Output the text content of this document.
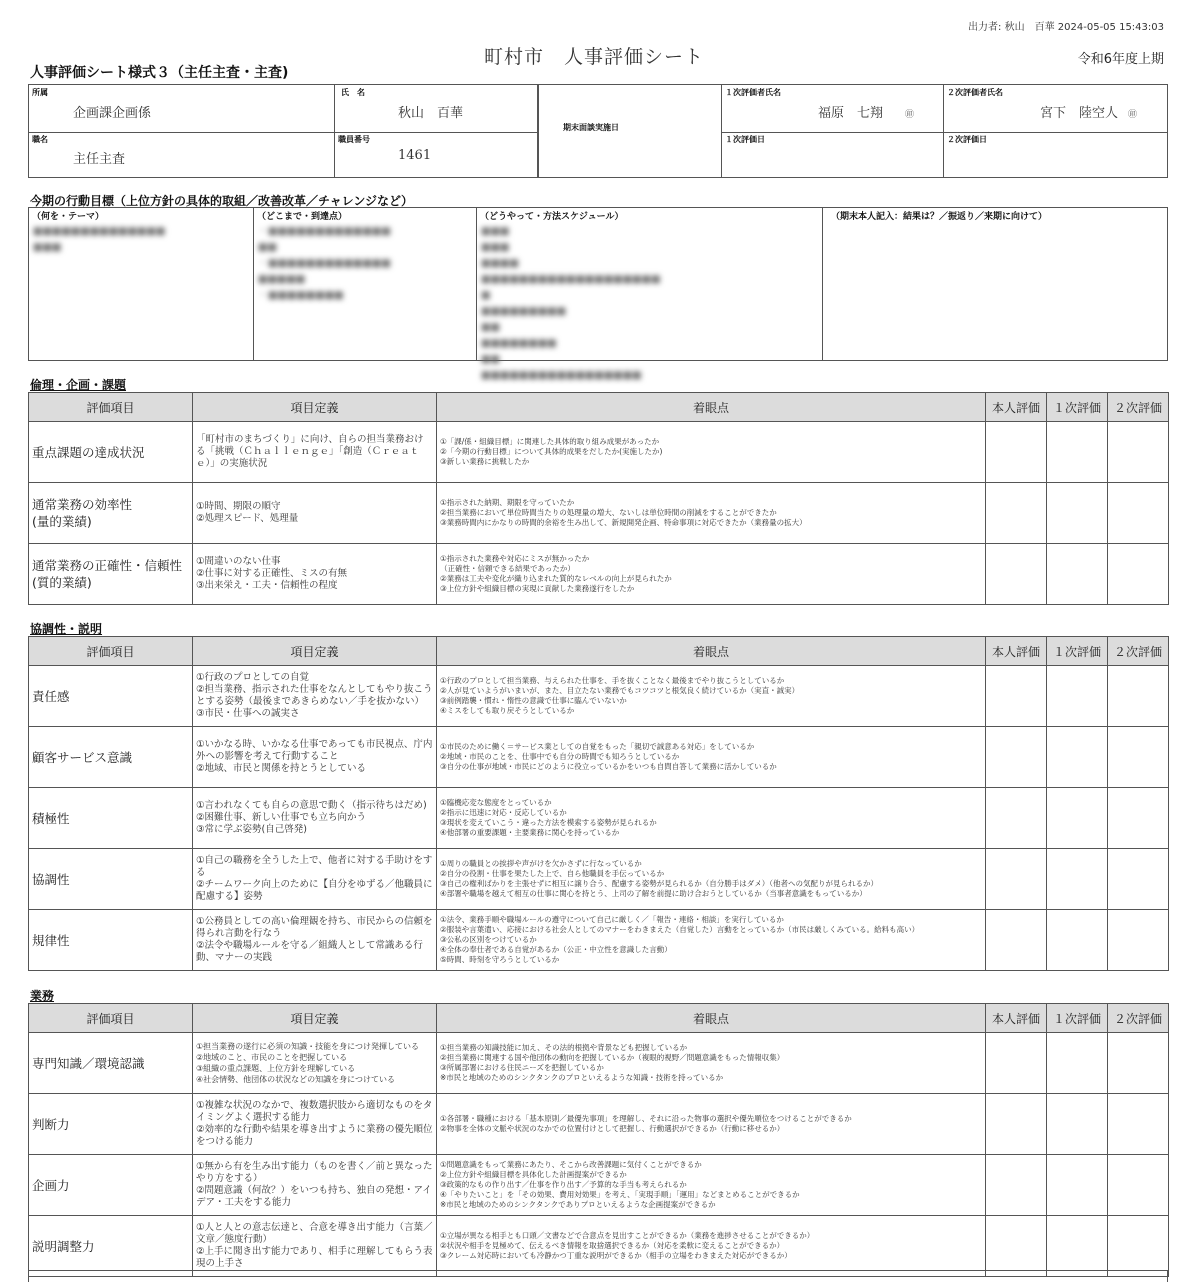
出力者: 秋山　百華 2024-05-05 15:43:03
町村市　人事評価シート	令和6年度上期
人事評価シート様式３（主任主査・主査)
所属
企画課企画係
職名
主任主査
氏　名
秋山　百華
職員番号
1461
期末面談実施日
１次評価者氏名
福原　七翔 ㊞
１次評価日
２次評価者氏名
宮下　陸空人 ㊞
２次評価日
今期の行動目標（上位方針の具体的取組／改善改革／チャレンジなど）
（何を・テーマ）
■■■■■■■■■■■■■■
■■■
（どこまで・到達点）
・■■■■■■■■■■■■■
■■
・■■■■■■■■■■■■■
■■■■■
・■■■■■■■■
（どうやって・方法スケジュール）
■■■
■■■
■■■■
■■■■■■■■■■■■■■■■■■■
■
■■■■■■■■■
■■
■■■■■■■■
■■
■■■■■■■■■■■■■■■■■
（期末本人記入：結果は？／振返り／来期に向けて）
倫理・企画・課題
評価項目	項目定義	着眼点	本人評価	１次評価	２次評価

重点課題の達成状況	「町村市のまちづくり」に向け、自らの担当業務おける「挑戦（Ｃｈａｌｌｅｎｇｅ」「創造（Ｃｒｅａｔｅ）」の実施状況	①「課/係・組織目標」に関連した具体的取り組み成果があったか
②「今期の行動目標」について具体的成果をだしたか(実施したか)
③新しい業務に挑戦したか			

通常業務の効率性
(量的業績)	①時間、期限の順守
②処理スピード、処理量	①指示された納期、期限を守っていたか
②担当業務において単位時間当たりの処理量の増大、ないしは単位時間の削減をすることができたか
③業務時間内にかなりの時間的余裕を生み出して、新規開発企画、特命事項に対応できたか（業務量の拡大）			

通常業務の正確性・信頼性
(質的業績)	①間違いのない仕事
②仕事に対する正確性、ミスの有無
③出来栄え・工夫・信頼性の程度	①指示された業務や対応にミスが無かったか
（正確性・信頼できる結果であったか）
②業務は工夫や変化が織り込まれた質的なレベルの向上が見られたか
③上位方針や組織目標の実現に貢献した業務遂行をしたか			

協調性・説明
評価項目	項目定義	着眼点	本人評価	１次評価	２次評価

責任感	①行政のプロとしての自覚
②担当業務、指示された仕事をなんとしてもやり抜こうとする姿勢（最後まであきらめない／手を抜かない）
③市民・仕事への誠実さ	①行政のプロとして担当業務、与えられた仕事を、手を抜くことなく最後までやり抜こうとしているか
②人が見ていようがいまいが、また、目立たない業務でもコツコツと根気良く続けているか（実直・誠実）
③前例踏襲・慣れ・惰性の意識で仕事に臨んでいないか
④ミスをしても取り戻そうとしているか			

顧客サービス意識	①いかなる時、いかなる仕事であっても市民視点、庁内外への影響を考えて行動すること
②地域、市民と関係を持とうとしている	①市民のために働く＝サービス業としての自覚をもった「親切で誠意ある対応」をしているか
②地域・市民のことを、仕事中でも自分の時間でも知ろうとしているか
③自分の仕事が地域・市民にどのように役立っているかをいつも自問自答して業務に活かしているか			

積極性	①言われなくても自らの意思で動く（指示待ちはだめ)
②困難仕事、新しい仕事でも立ち向かう
③常に学ぶ姿勢(自己啓発)	①臨機応変な態度をとっているか
②指示に迅速に対応・反応しているか
③現状を変えていこう・違った方法を模索する姿勢が見られるか
④他部署の重要課題・主要業務に関心を持っているか			

協調性	①自己の職務を全うした上で、他者に対する手助けをする
②チームワーク向上のために【自分をゆずる／他職員に配慮する】姿勢	①周りの職員との挨拶や声がけを欠かさずに行なっているか
②自分の役割・仕事を果たした上で、自ら他職員を手伝っているか
③自己の権利ばかりを主張せずに相互に譲り合う、配慮する姿勢が見られるか（自分勝手はダメ）（他者への気配りが見られるか）
④部署や職場を越えて相互の仕事に関心を持とう、上司の了解を前提に助け合おうとしているか（当事者意識をもっているか）			

規律性	①公務員としての高い倫理観を持ち、市民からの信頼を得られ言動を行なう
②法令や職場ルールを守る／組織人として常識ある行動、マナーの実践	①法令、業務手順や職場ルールの遵守について自己に厳しく／「報告・連絡・相談」を実行しているか
②服装や言葉遣い、応接における社会人としてのマナーをわきまえた（自覚した）言動をとっているか（市民は厳しくみている。給料も高い）
③公私の区別をつけているか
④全体の奉仕者である自覚があるか（公正・中立性を意識した言動）
⑤時間、時刻を守ろうとしているか			

業務
評価項目	項目定義	着眼点	本人評価	１次評価	２次評価

専門知識／環境認識	①担当業務の遂行に必須の知識・技能を身につけ発揮している
②地域のこと、市民のことを把握している
③組織の重点課題、上位方針を理解している
④社会情勢、他団体の状況などの知識を身につけている	①担当業務の知識技能に加え、その法的根拠や背景なども把握しているか
②担当業務に関連する国や他団体の動向を把握しているか（複眼的視野／問題意識をもった情報収集）
③所属部署における住民ニーズを把握しているか
※市民と地域のためのシンクタンクのプロといえるような知識・技術を持っているか			

判断力	①複雑な状況のなかで、複数選択肢から適切なものをタイミングよく選択する能力
②効率的な行動や結果を導き出すように業務の優先順位をつける能力	①各部署・職種における「基本原則／最優先事項」を理解し、それに沿った物事の選択や優先順位をつけることができるか
②物事を全体の文脈や状況のなかでの位置付けとして把握し、行動選択ができるか（行動に移せるか）			

企画力	①無から有を生み出す能力（ものを書く／前と異なったやり方をする）
②問題意識（何故？）をいつも持ち、独自の発想・アイデア・工夫をする能力	①問題意識をもって業務にあたり、そこから改善課題に気付くことができるか
②上位方針や組織目標を具体化した計画提案ができるか
③政策的なもの作り出す／仕事を作り出す／予算的な手当も考えられるか
④「やりたいこと」を「その効果、費用対効果」を考え、「実現手順」「運用」などまとめることができるか
※市民と地域のためのシンクタンクでありプロといえるような企画提案ができるか			

説明調整力	①人と人との意志伝達と、合意を導き出す能力（言葉／文章／態度行動）
②上手に聞き出す能力であり、相手に理解してもらう表現の上手さ	①立場が異なる相手とも口頭／文書などで合意点を見出すことができるか（業務を進捗させることができるか）
②状況や相手を見極めて、伝えるべき情報を取捨選択できるか（対応を柔軟に変えることができるか）
③クレーム対応時においても冷静かつ丁重な説明ができるか（相手の立場をわきまえた対応ができるか）			
